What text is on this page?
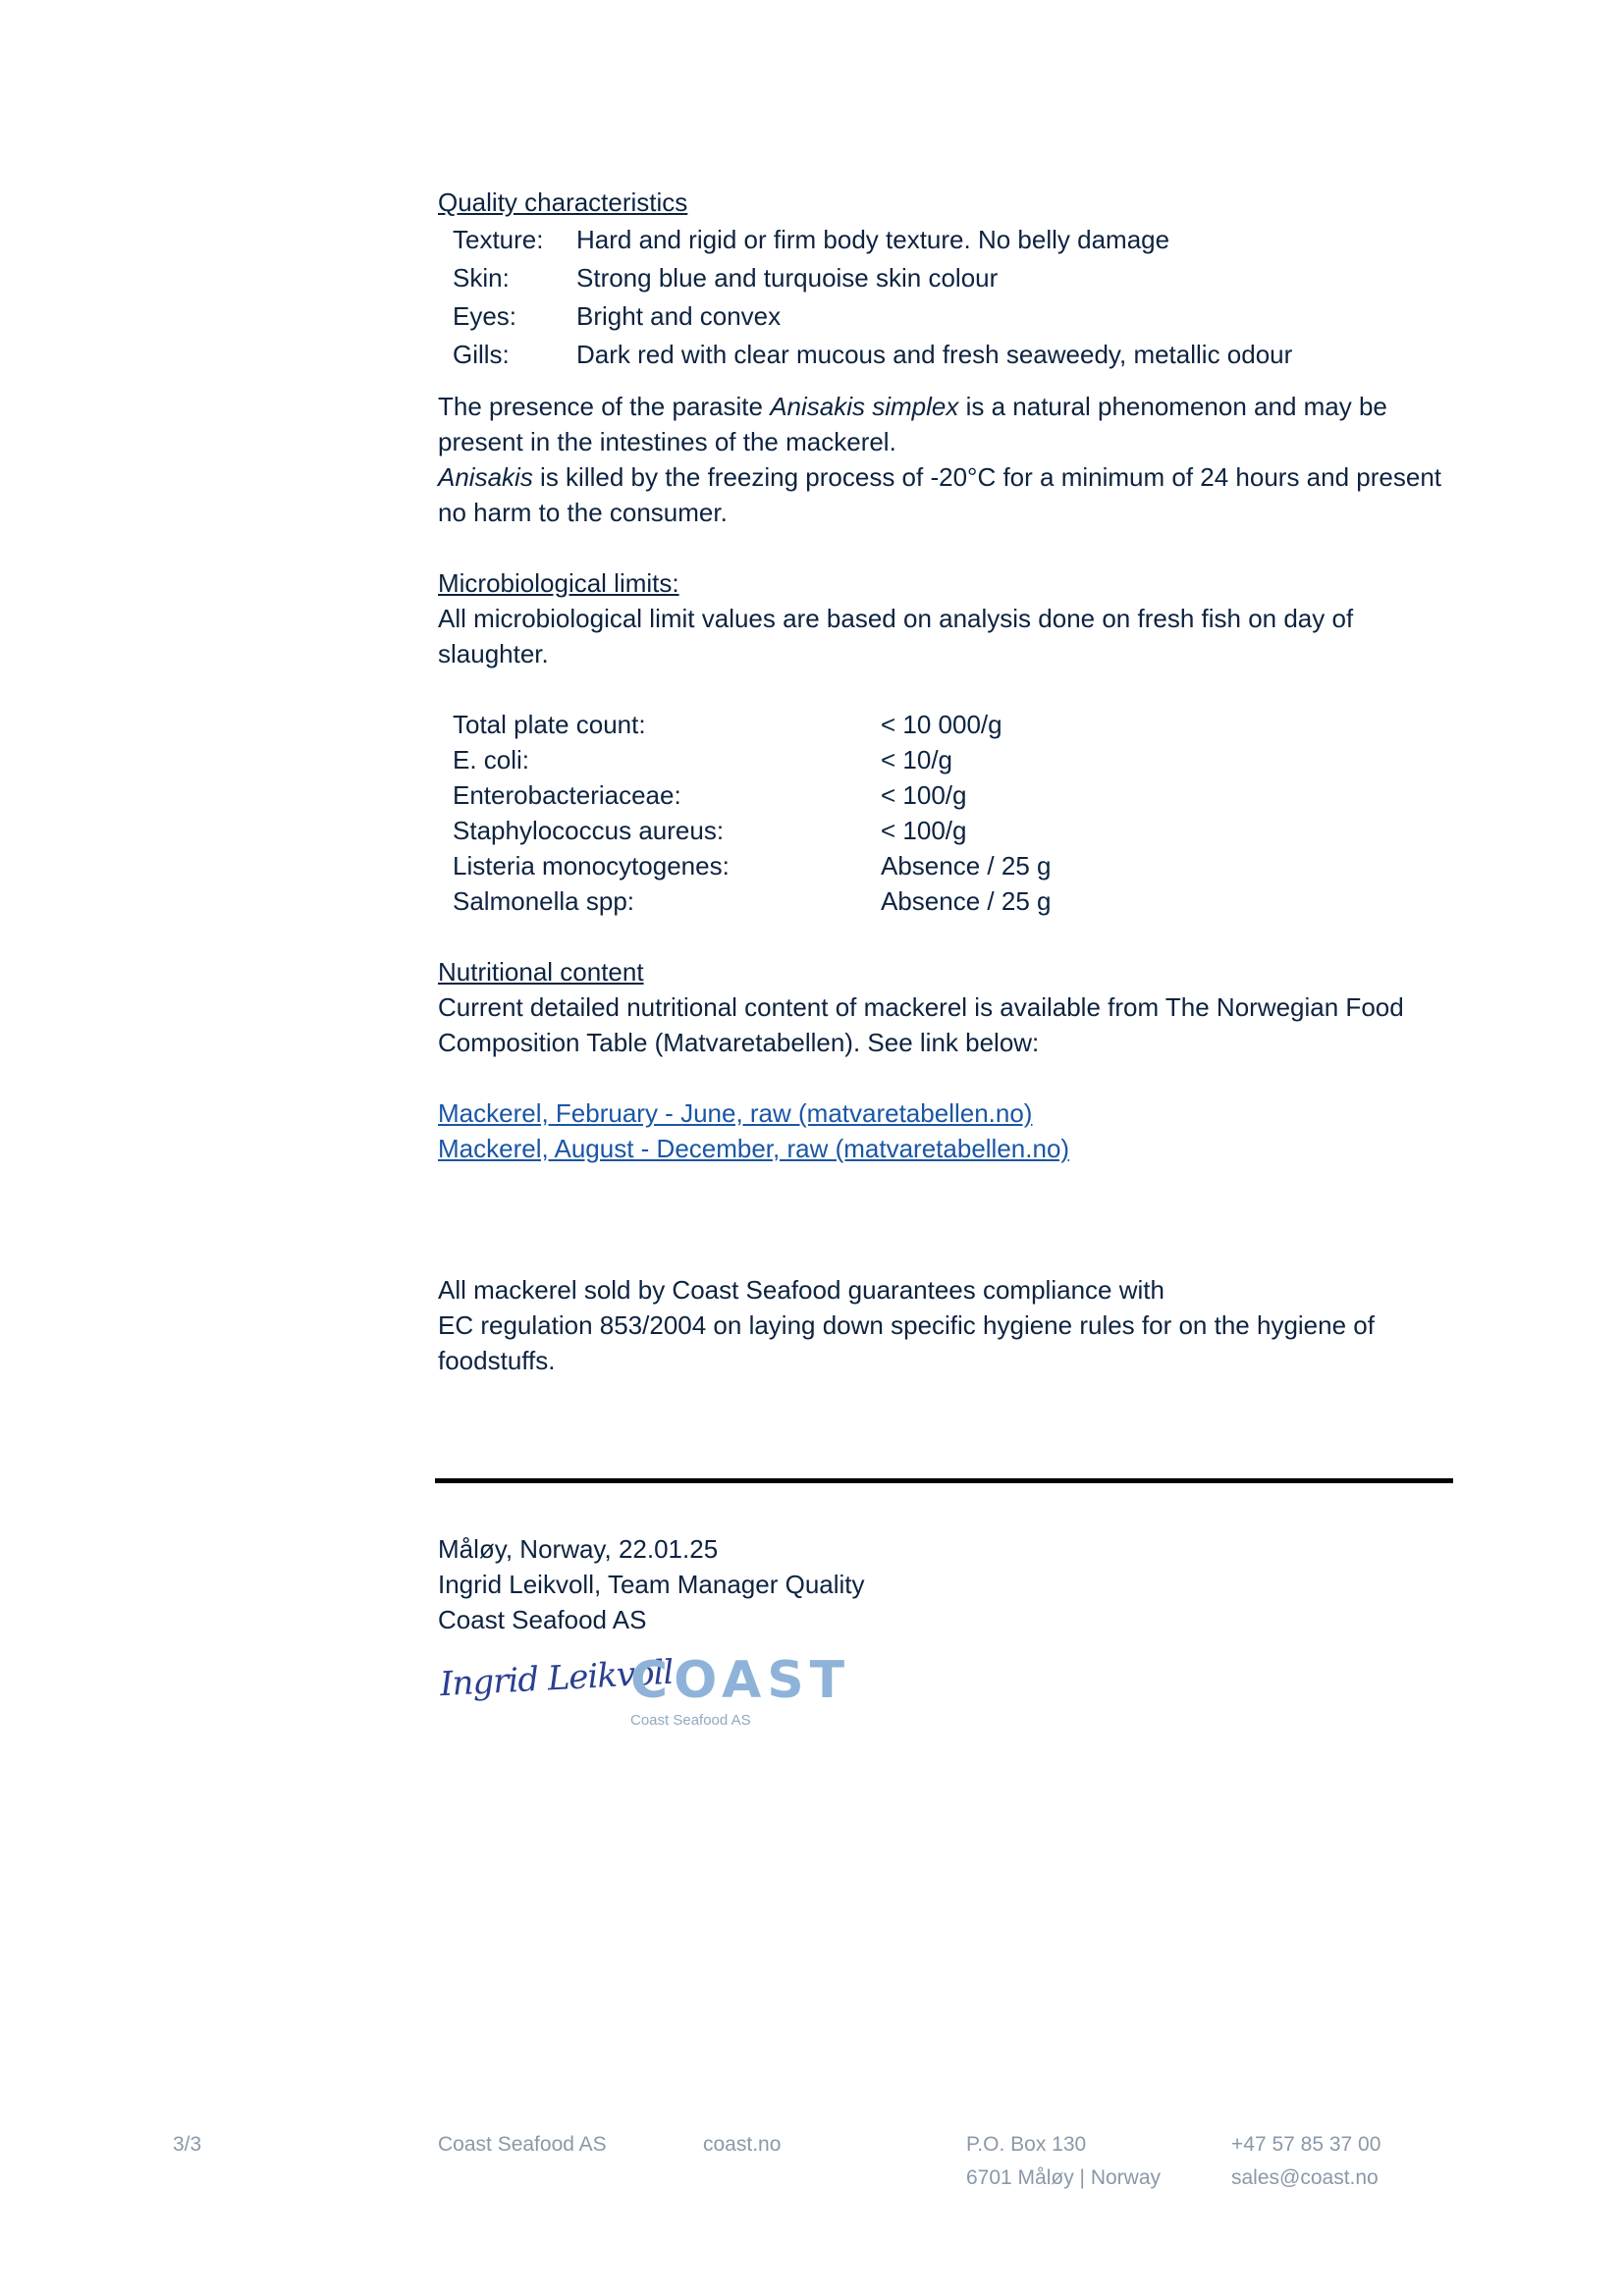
Quality characteristics
Texture:	Hard and rigid or firm body texture. No belly damage
Skin:	Strong blue and turquoise skin colour
Eyes:	Bright and convex
Gills:	Dark red with clear mucous and fresh seaweedy, metallic odour

The presence of the parasite Anisakis simplex is a natural phenomenon and may be present in the intestines of the mackerel.

Anisakis is killed by the freezing process of -20°C for a minimum of 24 hours and present no harm to the consumer.

Microbiological limits:

All microbiological limit values are based on analysis done on fresh fish on day of slaughter.

Total plate count:	< 10 000/g
E. coli:	< 10/g
Enterobacteriaceae:	< 100/g
Staphylococcus aureus:	< 100/g
Listeria monocytogenes:	Absence / 25 g
Salmonella spp:	Absence / 25 g
Nutritional content

Current detailed nutritional content of mackerel is available from The Norwegian Food Composition Table (Matvaretabellen). See link below:

Mackerel, February - June, raw (matvaretabellen.no)
Mackerel, August - December, raw (matvaretabellen.no)

All mackerel sold by Coast Seafood guarantees compliance with

EC regulation 853/2004 on laying down specific hygiene rules for on the hygiene of foodstuffs.

Måløy, Norway, 22.01.25
Ingrid Leikvoll, Team Manager Quality
Coast Seafood AS
Ingrid Leikvoll
COAST
Coast Seafood AS
3/3	Coast Seafood AS	coast.no	P.O. Box 130
6701 Måløy | Norway
+47 57 85 37 00
sales@coast.no
